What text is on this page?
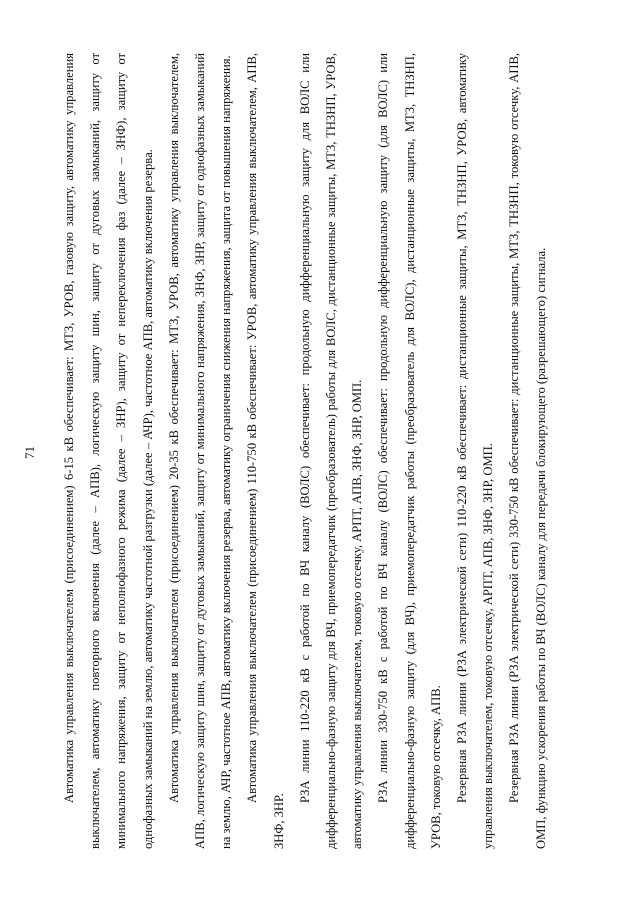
71	Автоматика управления выключателем (присоединением) 6-15 кВ обеспечивает: МТЗ, УРОВ, газовую защиту, автоматику управления выключателем, автоматику повторного включения (далее – АПВ), логическую защиту шин, защиту от дуговых замыканий, защиту от минимального напряжения, защиту от неполнофазного режима (далее – ЗНР), защиту от непереключения фаз (далее – ЗНФ), защиту от однофазных замыканий на землю, автоматику частотной разгрузки (далее – АЧР), частотное АПВ, автоматику включения резерва. Автоматика управления выключателем (присоединением) 20-35 кВ обеспечивает: МТЗ, УРОВ, автоматику управления выключателем, АПВ, логическую защиту шин, защиту от дуговых замыканий, защиту от минимального напряжения, ЗНФ, ЗНР, защиту от однофазных замыканий на землю, АЧР, частотное АПВ, автоматику включения резерва, автоматику ограничения снижения напряжения, защита от повышения напряжения. Автоматика управления выключателем (присоединением) 110-750 кВ обеспечивает: УРОВ, автоматику управления выключателем, АПВ, ЗНФ, ЗНР.

РЗА линии 110-220 кВ с работой по ВЧ каналу (ВОЛС) обеспечивает: продольную дифференциальную защиту для ВОЛС или дифференциально-фазную защиту для ВЧ, приемопередатчик (преобразователь) работы для ВОЛС, дистанционные защиты, МТЗ, ТНЗНП, УРОВ, автоматику управления выключателем, токовую отсечку, АРПТ, АПВ, ЗНФ, ЗНР, ОМП. РЗА линии 330-750 кВ с работой по ВЧ каналу (ВОЛС) обеспечивает: продольную дифференциальную защиту (для ВОЛС) или дифференциально-фазную защиту (для ВЧ), приемопередатчик работы (преобразователь для ВОЛС), дистанционные защиты, МТЗ, ТНЗНП, УРОВ, токовую отсечку, АПВ. Резервная РЗА линии (РЗА электрической сети) 110-220 кВ обеспечивает: дистанционные защиты, МТЗ, ТНЗНП, УРОВ, автоматику управления выключателем, токовую отсечку, АРПТ, АПВ, ЗНФ, ЗНР, ОМП. Резервная РЗА линии (РЗА электрической сети) 330-750 кВ обеспечивает: дистанционные защиты, МТЗ, ТНЗНП, токовую отсечку, АПВ, ОМП, функцию ускорения работы по ВЧ (ВОЛС) каналу для передачи блокирующего (разрешающего) сигнала.
